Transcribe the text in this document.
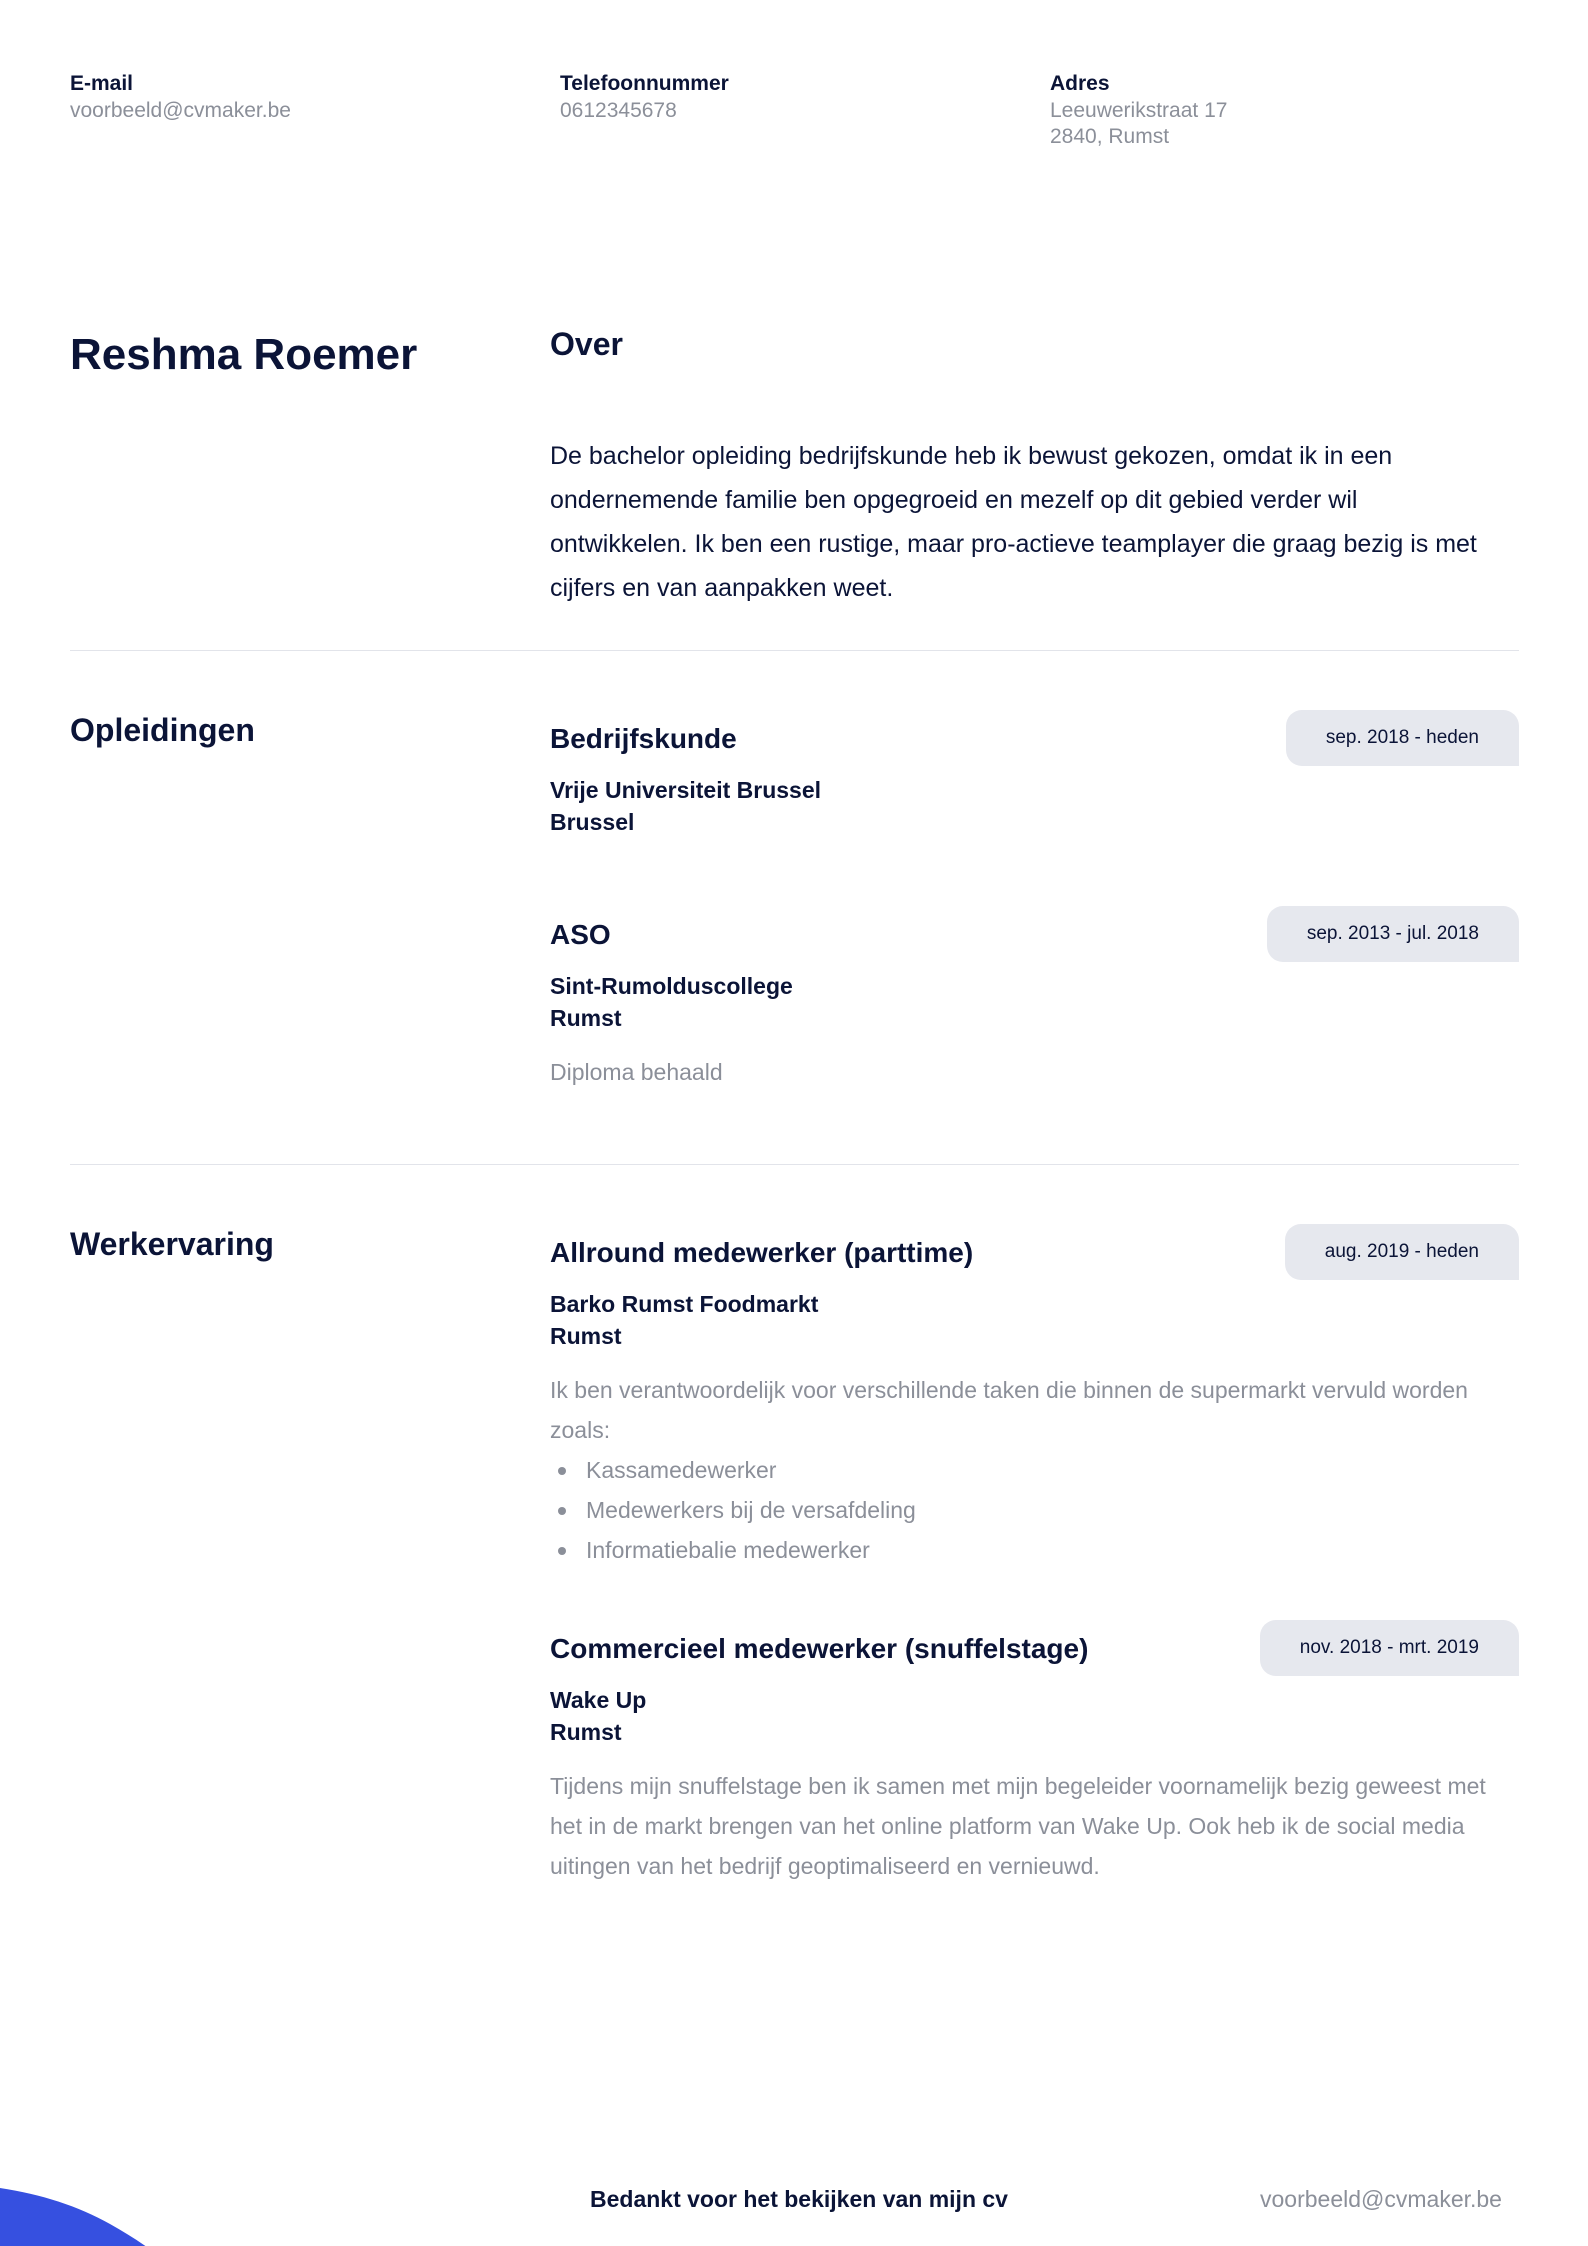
E-mail
voorbeeld@cvmaker.be
Telefoonnummer
0612345678
Adres
Leeuwerikstraat 17
2840, Rumst
Reshma Roemer	Over
De bachelor opleiding bedrijfskunde heb ik bewust gekozen, omdat ik in een ondernemende familie ben opgegroeid en mezelf op dit gebied verder wil ontwikkelen. Ik ben een rustige, maar pro-actieve teamplayer die graag bezig is met cijfers en van aanpakken weet.
Opleidingen	Bedrijfskunde	sep. 2018 - heden
Vrije Universiteit Brussel
Brussel
ASO	sep. 2013 - jul. 2018
Sint-Rumolduscollege
Rumst
Diploma behaald
Werkervaring	Allround medewerker (parttime)	aug. 2019 - heden
Barko Rumst Foodmarkt
Rumst
Ik ben verantwoordelijk voor verschillende taken die binnen de supermarkt vervuld worden zoals:
Kassamedewerker
Medewerkers bij de versafdeling
Informatiebalie medewerker
Commercieel medewerker (snuffelstage)	nov. 2018 - mrt. 2019
Wake Up
Rumst
Tijdens mijn snuffelstage ben ik samen met mijn begeleider voornamelijk bezig geweest met het in de markt brengen van het online platform van Wake Up. Ook heb ik de social media uitingen van het bedrijf geoptimaliseerd en vernieuwd.
Bedankt voor het bekijken van mijn cv	voorbeeld@cvmaker.be
